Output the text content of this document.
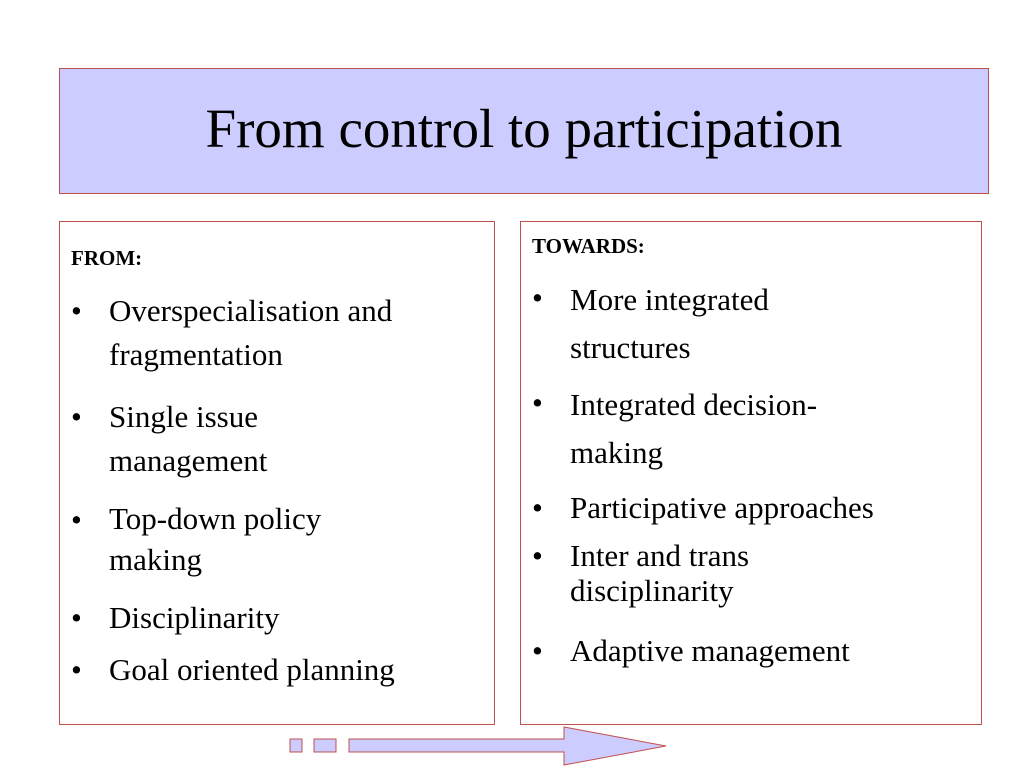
From control to participation
FROM:
• Overspecialisation and
fragmentation
• Single issue
management
• Top-down policy
making
• Disciplinarity
• Goal oriented planning
TOWARDS:
• More integrated
structures
• Integrated decision-
making
• Participative approaches
• Inter and trans
disciplinarity
• Adaptive management
